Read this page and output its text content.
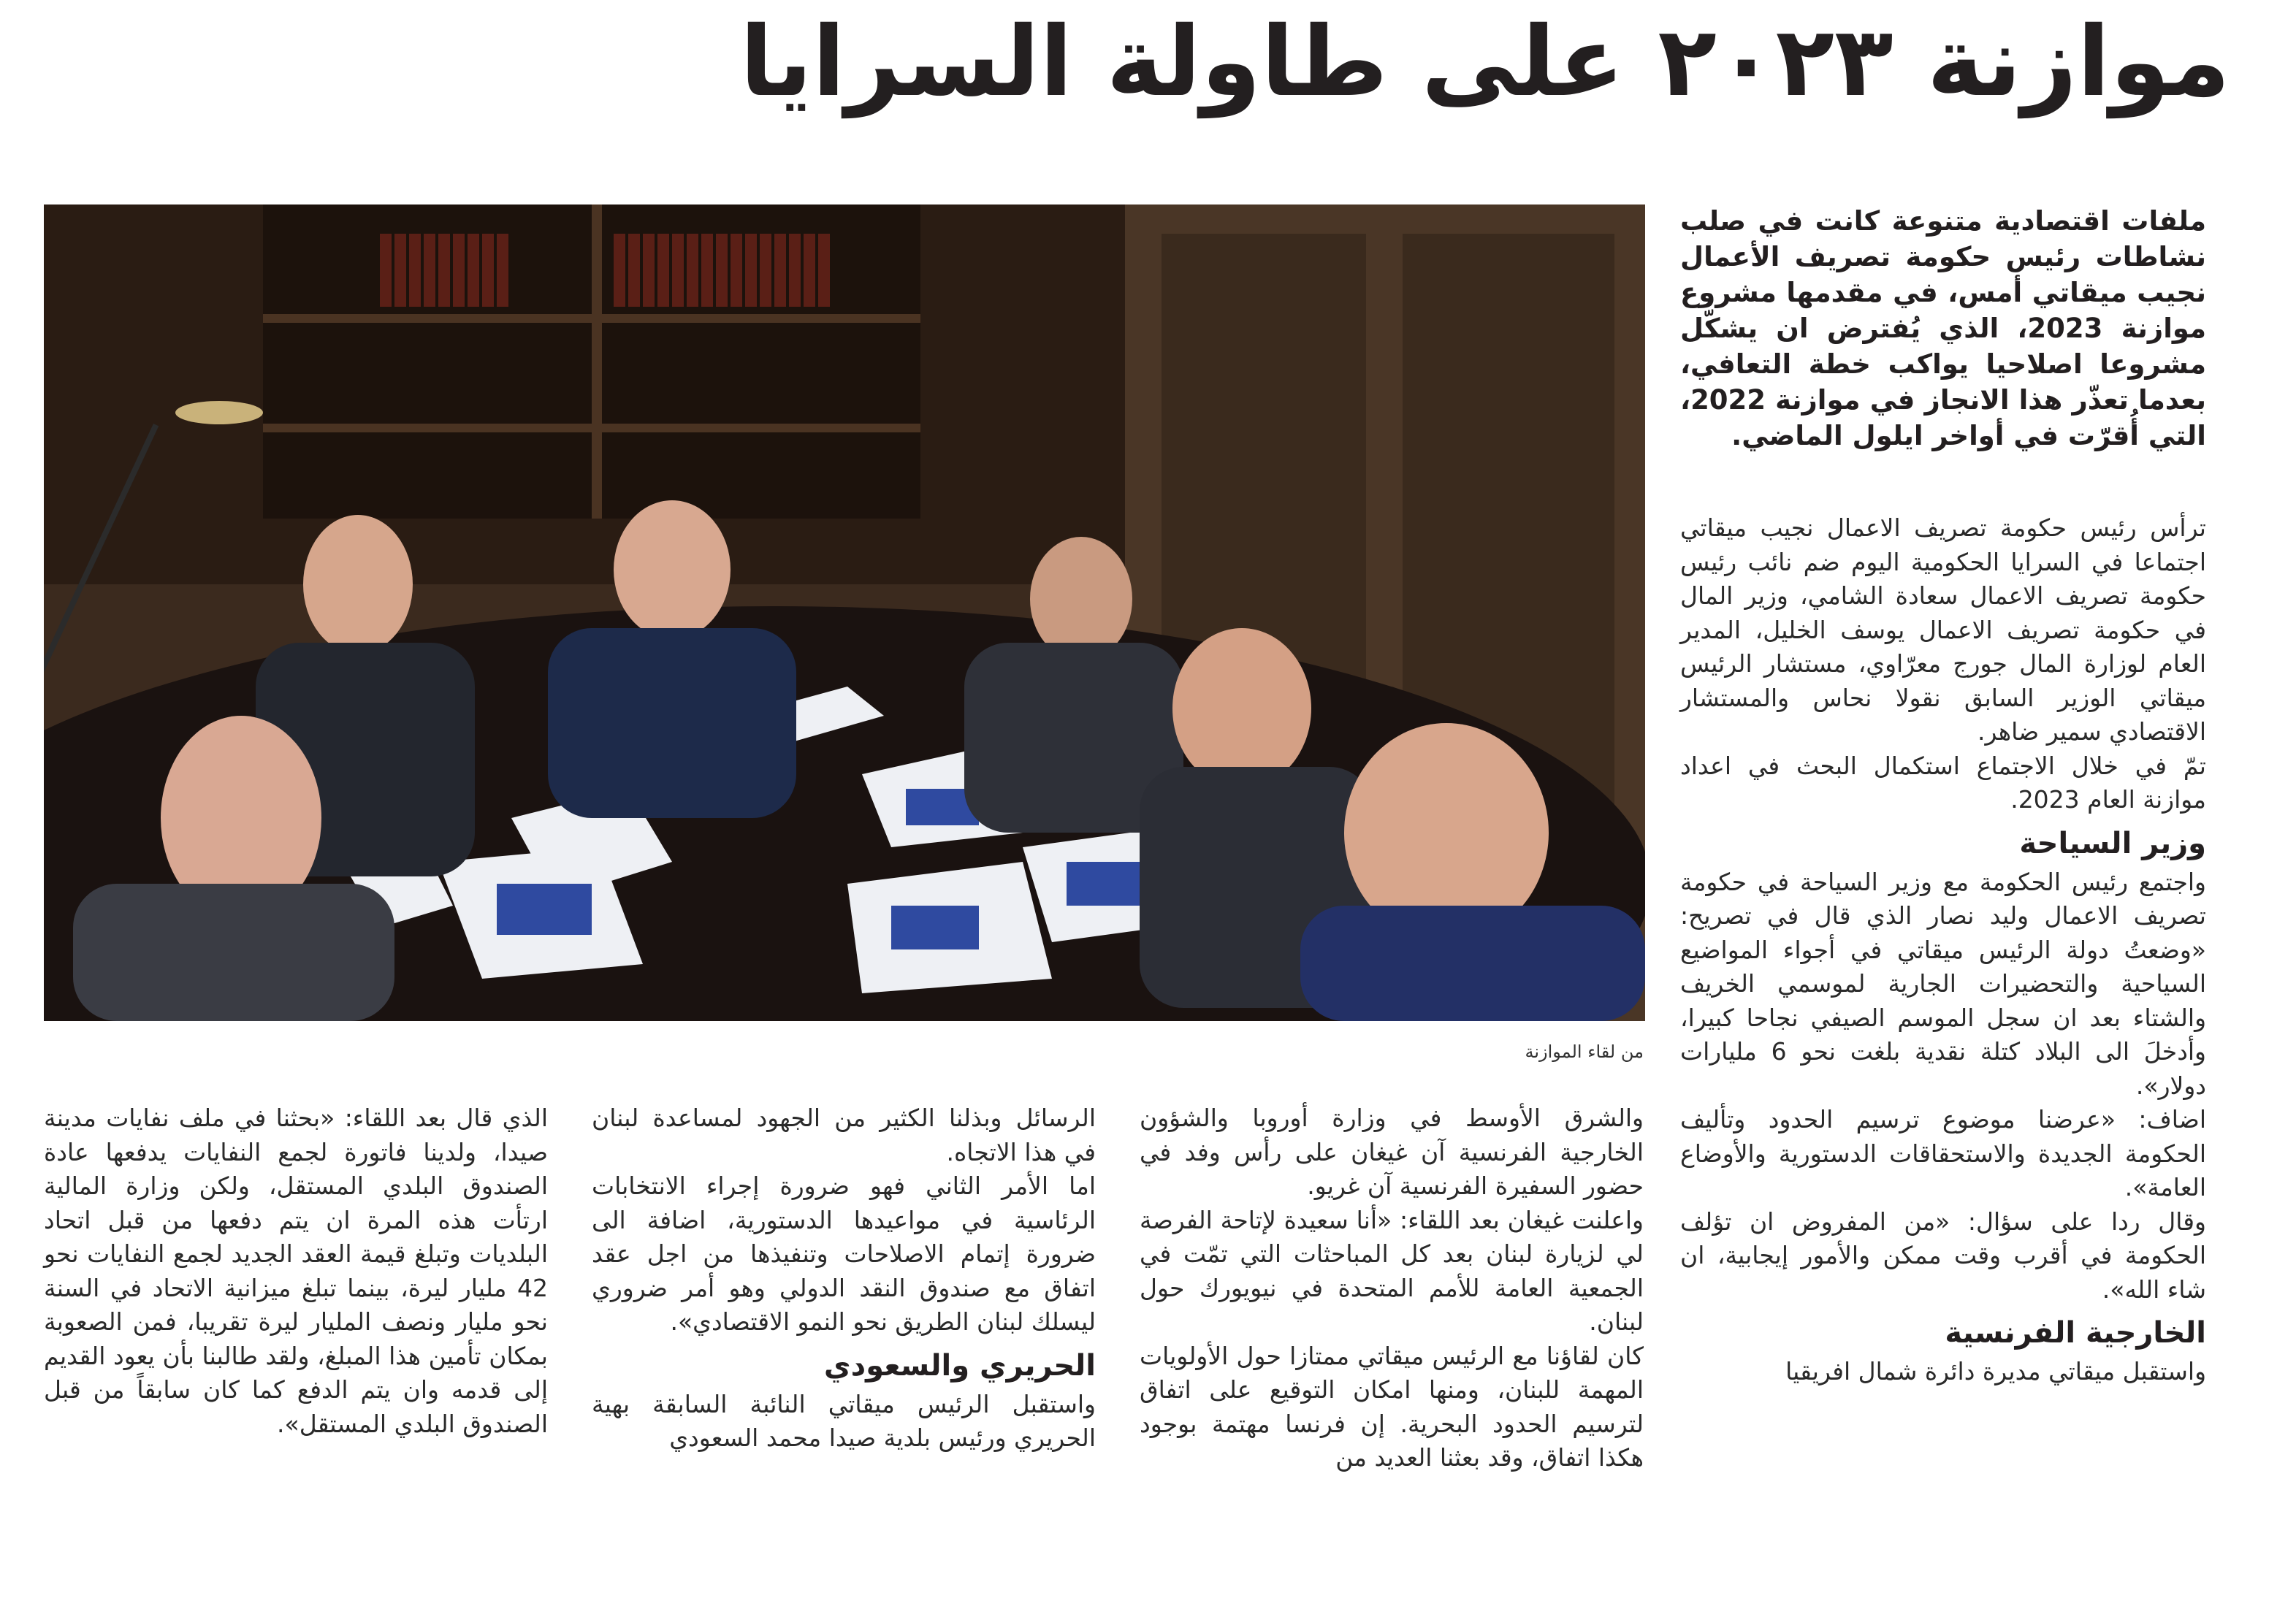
موازنة ٢٠٢٣ على طاولة السرايا
ملفات اقتصادية متنوعة كانت في صلب نشاطات رئيس حكومة تصريف الأعمال نجيب ميقاتي أمس، في مقدمها مشروع موازنة 2023، الذي يُفترض ان يشكّل مشروعا اصلاحيا يواكب خطة التعافي، بعدما تعذّر هذا الانجاز في موازنة 2022، التي أُقرّت في أواخر ايلول الماضي.
من لقاء الموازنة

ترأس رئيس حكومة تصريف الاعمال نجيب ميقاتي اجتماعا في السرايا الحكومية اليوم ضم نائب رئيس حكومة تصريف الاعمال سعادة الشامي، وزير المال في حكومة تصريف الاعمال يوسف الخليل، المدير العام لوزارة المال جورج معرّاوي، مستشار الرئيس ميقاتي الوزير السابق نقولا نحاس والمستشار الاقتصادي سمير ضاهر.

تمّ في خلال الاجتماع استكمال البحث في اعداد موازنة العام 2023.

وزير السياحة

واجتمع رئيس الحكومة مع وزير السياحة في حكومة تصريف الاعمال وليد نصار الذي قال في تصريح: «وضعتُ دولة الرئيس ميقاتي في أجواء المواضيع السياحية والتحضيرات الجارية لموسمي الخريف والشتاء بعد ان سجل الموسم الصيفي نجاحا كبيرا، وأدخلَ الى البلاد كتلة نقدية بلغت نحو 6 مليارات دولار».

اضاف: «عرضنا موضوع ترسيم الحدود وتأليف الحكومة الجديدة والاستحقاقات الدستورية والأوضاع العامة».

وقال ردا على سؤال: «من المفروض ان تؤلف الحكومة في أقرب وقت ممكن والأمور إيجابية، ان شاء الله».

الخارجية الفرنسية

واستقبل ميقاتي مديرة دائرة شمال افريقيا

والشرق الأوسط في وزارة أوروبا والشؤون الخارجية الفرنسية آن غيغان على رأس وفد في حضور السفيرة الفرنسية آن غريو.

واعلنت غيغان بعد اللقاء: «أنا سعيدة لإتاحة الفرصة لي لزيارة لبنان بعد كل المباحثات التي تمّت في الجمعية العامة للأمم المتحدة في نيويورك حول لبنان.

كان لقاؤنا مع الرئيس ميقاتي ممتازا حول الأولويات المهمة للبنان، ومنها امكان التوقيع على اتفاق لترسيم الحدود البحرية. إن فرنسا مهتمة بوجود هكذا اتفاق، وقد بعثنا العديد من

الرسائل وبذلنا الكثير من الجهود لمساعدة لبنان في هذا الاتجاه.

اما الأمر الثاني فهو ضرورة إجراء الانتخابات الرئاسية في مواعيدها الدستورية، اضافة الى ضرورة إتمام الاصلاحات وتنفيذها من اجل عقد اتفاق مع صندوق النقد الدولي وهو أمر ضروري ليسلك لبنان الطريق نحو النمو الاقتصادي».

الحريري والسعودي

واستقبل الرئيس ميقاتي النائبة السابقة بهية الحريري ورئيس بلدية صيدا محمد السعودي

الذي قال بعد اللقاء: «بحثنا في ملف نفايات مدينة صيدا، ولدينا فاتورة لجمع النفايات يدفعها عادة الصندوق البلدي المستقل، ولكن وزارة المالية ارتأت هذه المرة ان يتم دفعها من قبل اتحاد البلديات وتبلغ قيمة العقد الجديد لجمع النفايات نحو 42 مليار ليرة، بينما تبلغ ميزانية الاتحاد في السنة نحو مليار ونصف المليار ليرة تقريبا، فمن الصعوبة بمكان تأمين هذا المبلغ، ولقد طالبنا بأن يعود القديم إلى قدمه وان يتم الدفع كما كان سابقاً من قبل الصندوق البلدي المستقل».
